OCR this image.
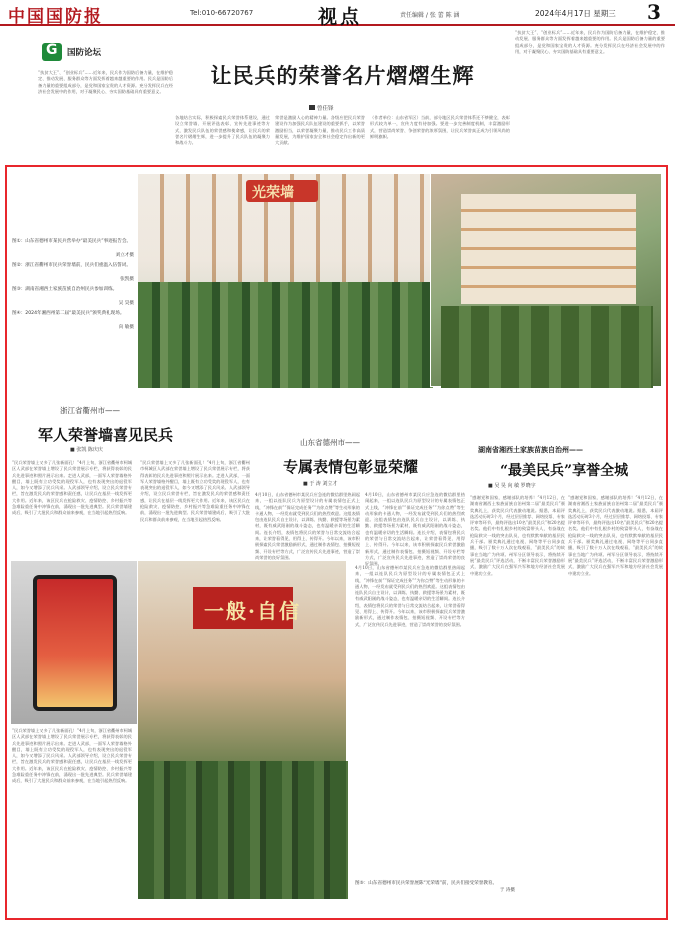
中国国防报	Tel:010-66720767	视点	责任编辑 / 张 蕾 陈 涵	2024年4月17日 星期三 3
G 国防论坛
“扶贫大王”、“创业标兵”……近年来，民兵作为国防后备力量，在维护稳定、推动发展、服务群众等方面发挥着越来越重要的作用。民兵是国防后备力量的重要组成部分，是党和国家宝贵的人才资源。充分发挥民兵在经济社会发展中的作用，对于凝聚民心、夯实国防基础具有重要意义。
让民兵的荣誉名片熠熠生辉
曾佳锋
各地结合实际，积极探索民兵荣誉体系建设，通过设立荣誉墙、开展评选表彰、宣传先进事迹等方式，激发民兵队伍的荣誉感和使命感，让民兵的荣誉名片熠熠生辉，进一步提升了民兵队伍的凝聚力和战斗力。
荣誉是激励人心的精神力量。各级应把民兵荣誉建设作为加强民兵队伍建设的重要抓手，以荣誉激励担当，以荣誉凝聚力量，推动民兵工作高质量发展，为维护国家安全和社会稳定作出新的更大贡献。
（作者单位：山东省军区）当前，部分地区民兵荣誉体系还不够健全，表彰形式较为单一，宣传力度有待加强。要进一步完善制度机制，丰富激励形式，营造崇尚荣誉、争创荣誉的浓厚氛围，让民兵荣誉真正成为引领风尚的鲜明旗帜。
“扶贫大王”、“创业标兵”……近年来，民兵作为国防后备力量，在维护稳定、推动发展、服务群众等方面发挥着越来越重要的作用。民兵是国防后备力量的重要组成部分，是党和国家宝贵的人才资源。充分发挥民兵在经济社会发展中的作用，对于凝聚民心、夯实国防基础具有重要意义。
光荣墙
图①：山东省德州市某民兵营举办“最美民兵”事迹报告会。
刘立才摄
图②：浙江省衢州市民兵荣誉墙前，民兵们重温入伍誓词。
张凯摄
图③：湖南省湘西土家族苗族自治州民兵参加训练。
吴 昊摄
图④：2024年湘西州第二届“最美民兵”颁奖典礼现场。
向 敏摄
浙江省衢州市——
军人荣誉墙喜见民兵
■ 张凯 陈庆庆
“民兵荣誉墙上又多了几张新面孔！”4月上旬，浙江省衢州市柯城区人武部在荣誉墙上增设了民兵荣誉展示专栏，将获得表彰的民兵先进事迹和照片展示出来。走进人武部，一面军人荣誉墙格外醒目，墙上既有立功受奖的现役军人，也有表现突出的退役军人，如今又增添了民兵风采。人武部领导介绍，设立民兵荣誉专栏，旨在激发民兵的荣誉感和责任感，让民兵在基层一线发挥更大作用。近年来，该区民兵在抢险救灾、疫情防控、乡村振兴等急难险重任务中冲锋在前，涌现出一批先进典型。民兵荣誉墙建成后，吸引了大批民兵和群众前来参观，在当地引起热烈反响。
“民兵荣誉墙上又多了几张新面孔！”4月上旬，浙江省衢州市柯城区人武部在荣誉墙上增设了民兵荣誉展示专栏，将获得表彰的民兵先进事迹和照片展示出来。走进人武部，一面军人荣誉墙格外醒目，墙上既有立功受奖的现役军人，也有表现突出的退役军人，如今又增添了民兵风采。人武部领导介绍，设立民兵荣誉专栏，旨在激发民兵的荣誉感和责任感，让民兵在基层一线发挥更大作用。近年来，该区民兵在抢险救灾、疫情防控、乡村振兴等急难险重任务中冲锋在前，涌现出一批先进典型。民兵荣誉墙建成后，吸引了大批民兵和群众前来参观，在当地引起热烈反响。
“民兵荣誉墙上又多了几张新面孔！”4月上旬，浙江省衢州市柯城区人武部在荣誉墙上增设了民兵荣誉展示专栏，将获得表彰的民兵先进事迹和照片展示出来。走进人武部，一面军人荣誉墙格外醒目，墙上既有立功受奖的现役军人，也有表现突出的退役军人，如今又增添了民兵风采。人武部领导介绍，设立民兵荣誉专栏，旨在激发民兵的荣誉感和责任感，让民兵在基层一线发挥更大作用。近年来，该区民兵在抢险救灾、疫情防控、乡村振兴等急难险重任务中冲锋在前，涌现出一批先进典型。民兵荣誉墙建成后，吸引了大批民兵和群众前来参观，在当地引起热烈反响。
山东省德州市——
专属表情包彰显荣耀
■ 于 涛 刘立才
4月10日，山东省德州市某民兵应急连的微信群里热闹起来，一组以连队民兵为原型设计的专属表情包正式上线，“冲锋在前”“保证完成任务”“为你点赞”等生动形象的卡通人物，一经发布就受到民兵们的热烈欢迎。这组表情包由连队民兵自主设计，以训练、执勤、救援等场景为素材，既有威武阳刚的战斗姿态，也有温暖亲切的生活瞬间。连长介绍，表情包将民兵的荣誉与日常交流结合起来，让荣誉看得见、用得上、传得开。今年以来，该市积极探索民兵荣誉激励新形式，通过制作表情包、拍摄短视频、开设专栏等方式，广泛宣传民兵先进事迹，营造了崇尚荣誉的良好氛围。
4月10日，山东省德州市某民兵应急连的微信群里热闹起来，一组以连队民兵为原型设计的专属表情包正式上线，“冲锋在前”“保证完成任务”“为你点赞”等生动形象的卡通人物，一经发布就受到民兵们的热烈欢迎。这组表情包由连队民兵自主设计，以训练、执勤、救援等场景为素材，既有威武阳刚的战斗姿态，也有温暖亲切的生活瞬间。连长介绍，表情包将民兵的荣誉与日常交流结合起来，让荣誉看得见、用得上、传得开。今年以来，该市积极探索民兵荣誉激励新形式，通过制作表情包、拍摄短视频、开设专栏等方式，广泛宣传民兵先进事迹，营造了崇尚荣誉的良好氛围。
4月10日，山东省德州市某民兵应急连的微信群里热闹起来，一组以连队民兵为原型设计的专属表情包正式上线，“冲锋在前”“保证完成任务”“为你点赞”等生动形象的卡通人物，一经发布就受到民兵们的热烈欢迎。这组表情包由连队民兵自主设计，以训练、执勤、救援等场景为素材，既有威武阳刚的战斗姿态，也有温暖亲切的生活瞬间。连长介绍，表情包将民兵的荣誉与日常交流结合起来，让荣誉看得见、用得上、传得开。今年以来，该市积极探索民兵荣誉激励新形式，通过制作表情包、拍摄短视频、开设专栏等方式，广泛宣传民兵先进事迹，营造了崇尚荣誉的良好氛围。
湖南省湘西土家族苗族自治州——
“最美民兵”享誉全城
■ 吴 昊 向 敏 罗晓宇
“感谢党和国家，感谢部队的培养！”4月12日，在湖南省湘西土家族苗族自治州第二届“最美民兵”颁奖典礼上，获奖民兵代表激动地说。据悉，本届评选活动历时3个月，经过层层推荐、网络投票、专家评审等环节，最终评选出10名“最美民兵”和20名提名奖。他们中有扎根乡村的致富带头人，有奋战在抢险救灾一线的突击队员，也有默默奉献的基层民兵干部。颁奖典礼通过电视、网络等平台同步直播，吸引了数十万人次在线观看，“最美民兵”的故事在当地广为传颂。州军分区领导表示，将持续开展“最美民兵”评选活动，不断丰富民兵荣誉激励形式，激励广大民兵在强军兴军和地方经济社会发展中建功立业。
“感谢党和国家，感谢部队的培养！”4月12日，在湖南省湘西土家族苗族自治州第二届“最美民兵”颁奖典礼上，获奖民兵代表激动地说。据悉，本届评选活动历时3个月，经过层层推荐、网络投票、专家评审等环节，最终评选出10名“最美民兵”和20名提名奖。他们中有扎根乡村的致富带头人，有奋战在抢险救灾一线的突击队员，也有默默奉献的基层民兵干部。颁奖典礼通过电视、网络等平台同步直播，吸引了数十万人次在线观看，“最美民兵”的故事在当地广为传颂。州军分区领导表示，将持续开展“最美民兵”评选活动，不断丰富民兵荣誉激励形式，激励广大民兵在强军兴军和地方经济社会发展中建功立业。
一般·自信
图⑤：山东省德州市民兵荣誉展陈“光荣墙”前，民兵们接受荣誉教育。
于 涛摄
